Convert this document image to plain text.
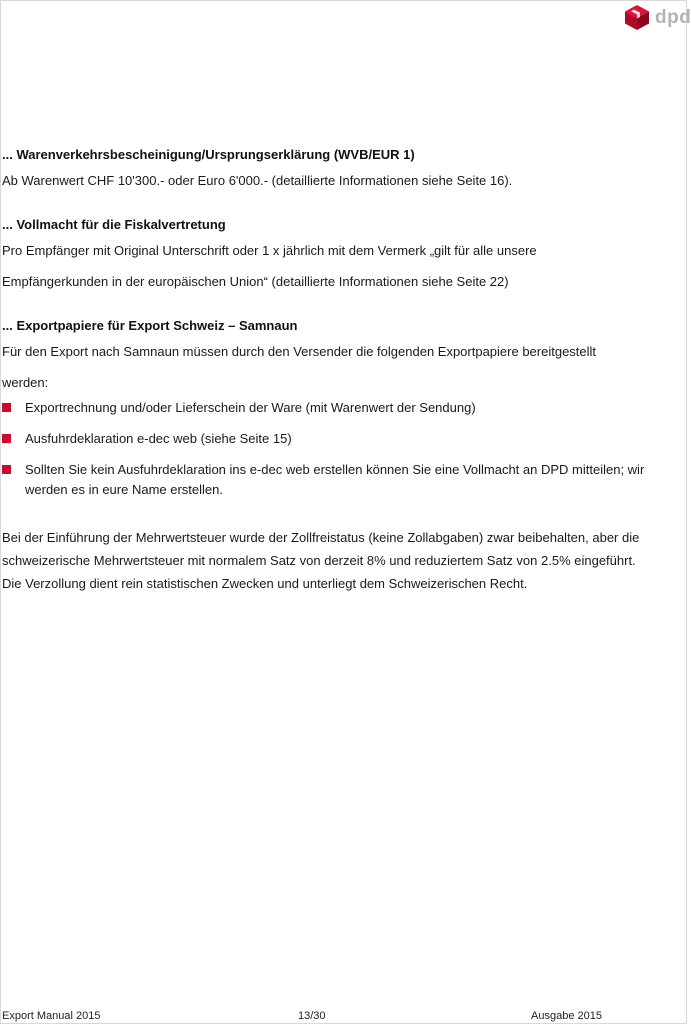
dpd

... Warenverkehrsbescheinigung/Ursprungserklärung (WVB/EUR 1)

Ab Warenwert CHF 10'300.- oder Euro 6'000.- (detaillierte Informationen siehe Seite 16).

... Vollmacht für die Fiskalvertretung

Pro Empfänger mit Original Unterschrift oder 1 x jährlich mit dem Vermerk „gilt für alle unsere

Empfängerkunden in der europäischen Union“ (detaillierte Informationen siehe Seite 22)

... Exportpapiere für Export Schweiz – Samnaun

Für den Export nach Samnaun müssen durch den Versender die folgenden Exportpapiere bereitgestellt

werden:

Exportrechnung und/oder Lieferschein der Ware (mit Warenwert der Sendung)
Ausfuhrdeklaration e-dec web (siehe Seite 15)
Sollten Sie kein Ausfuhrdeklaration ins e-dec web erstellen können Sie eine Vollmacht an DPD mitteilen; wir werden es in eure Name erstellen.

Bei der Einführung der Mehrwertsteuer wurde der Zollfreistatus (keine Zollabgaben) zwar beibehalten, aber die

schweizerische Mehrwertsteuer mit normalem Satz von derzeit 8% und reduziertem Satz von 2.5% eingeführt.

Die Verzollung dient rein statistischen Zwecken und unterliegt dem Schweizerischen Recht.

Export Manual 2015	13/30	Ausgabe 2015
